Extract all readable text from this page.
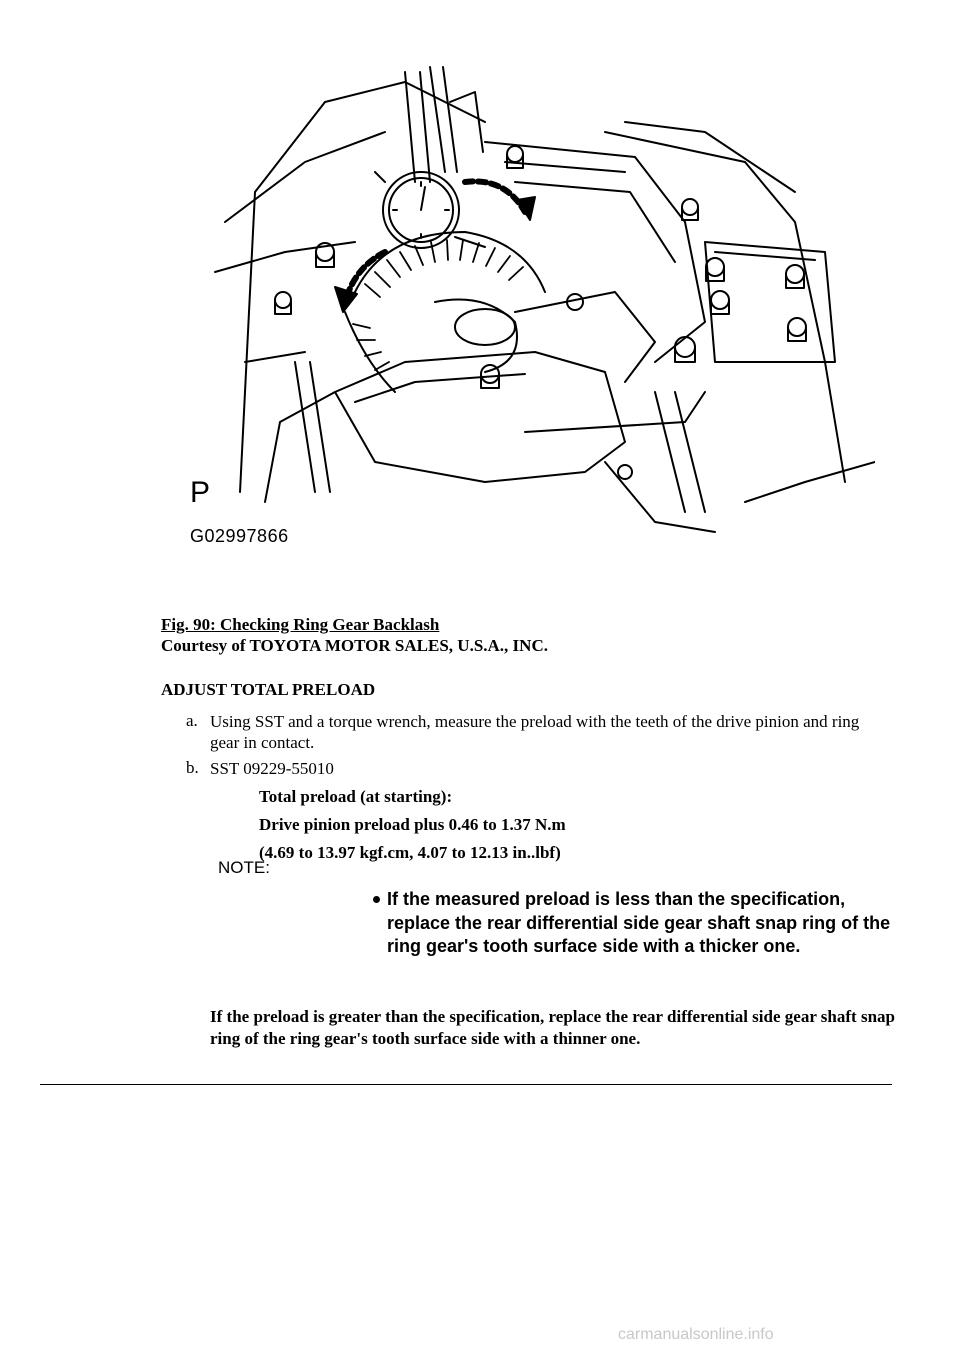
P
G02997866
Fig. 90: Checking Ring Gear Backlash
Courtesy of TOYOTA MOTOR SALES, U.S.A., INC.
ADJUST TOTAL PRELOAD
a. Using SST and a torque wrench, measure the preload with the teeth of the drive pinion and ring gear in contact.
b. SST 09229-55010
Total preload (at starting):
Drive pinion preload plus 0.46 to 1.37 N.m
(4.69 to 13.97 kgf.cm, 4.07 to 12.13 in..lbf)
NOTE:
If the measured preload is less than the specification, replace the rear differential side gear shaft snap ring of the ring gear's tooth surface side with a thicker one.
If the preload is greater than the specification, replace the rear differential side gear shaft snap ring of the ring gear's tooth surface side with a thinner one.
carmanualsonline.info
